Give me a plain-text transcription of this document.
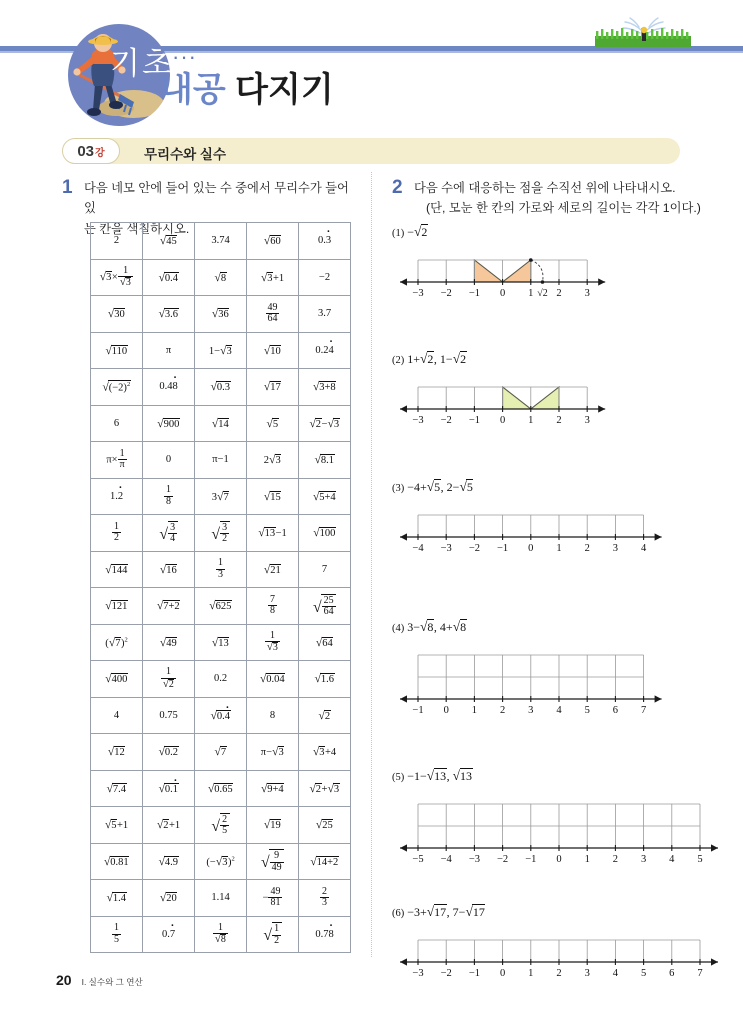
기초
···
내공 다지기
03 강	무리수와 실수
1 다음 네모 안에 들어 있는 수 중에서 무리수가 들어 있
는 칸을 색칠하시오.
2	√45	3.74	√60	0.3 ·
$√3\times \frac{1}{√3}$	√0.4	√8	√3+1	−2
√30	√3.6	√36	$\frac{49}{64}$	3.7
√110	π	1−√3	√10	0.24 ·
$√(-2)^2$	0.48 ·	√0.3	√17	√3+8
6	√900	√14	√5	√2−√3
$\pi\times \frac{1}{\pi}$	0	π−1	2√3	√8.1
1.2 ·	$\frac{1}{8}$	3√7	√15	√5+4

$\frac{1}{2}$	√ $\frac{3}{4}$	√ $\frac{3}{2}$	√13−1	√100
√144	√16	$\frac{1}{3}$	√21	7
√121	√7+2	√625	$\frac{7}{8}$	√ $\frac{25}{64}$

$(√7)^2$	√49	√13	$\frac{1}{√3}$	√64
√400	$\frac{1}{√2}$	0.2	√0.04	√1.6
4	0.75	√0.4 ·	8	√2
√12	√0.2	√7	π−√3	√3+4
√7.4	√0.1 ·	√0.65	√9+4	√2+√3
√5+1	√2+1	√ $\frac{2}{5}$	√19	√25
√0.81	√4.9	$(-√3)^2$	√ $\frac{9}{49}$	√14+2
√1.4	√20	1.14	− $\frac{49}{81}$	$\frac{2}{3}$

$\frac{1}{5}$	0.7 ·	$\frac{1}{√8}$	√ $\frac{1}{2}$	0.78 ·
2 다음 수에 대응하는 점을 수직선 위에 나타내시오.
(단, 모눈 한 칸의 가로와 세로의 길이는 각각 1이다.)
(1) −√2
−3 −2 −1 0 1 2 3
√2
(2) 1+√2, 1−√2
−3 −2 −1 0 1 2 3
(3) −4+√5, 2−√5
−4 −3 −2 −1 0 1 2 3 4
(4) 3−√8, 4+√8
−1 0 1 2 3 4 5 6 7
(5) −1−√13, √13
−5 −4 −3 −2 −1 0 1 2 3 4 5
(6) −3+√17, 7−√17
−3 −2 −1 0 1 2 3 4 5 6 7
20 I. 실수와 그 연산
